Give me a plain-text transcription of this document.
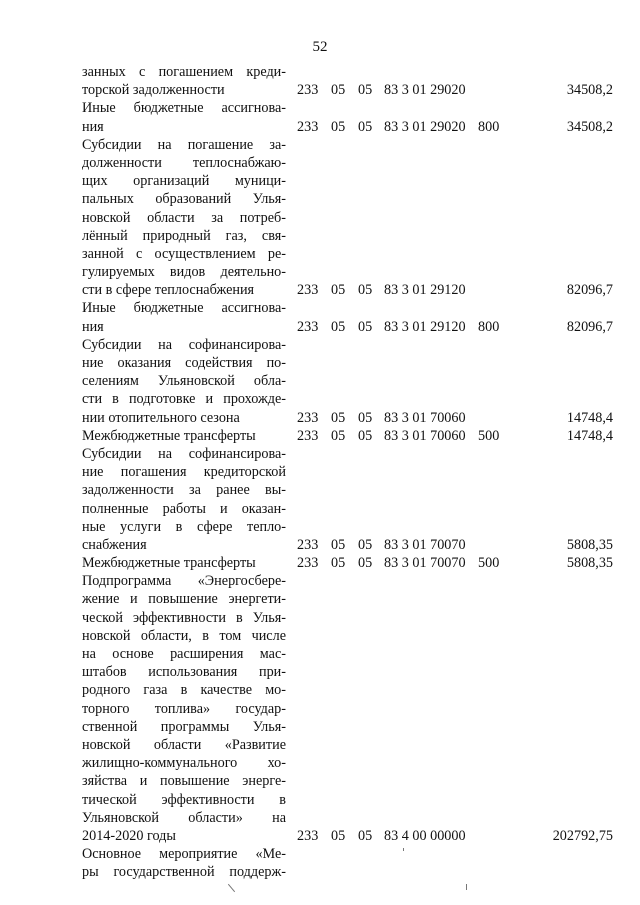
52
занных с погашением креди-
торской задолженности	233 05 05 83 3 01 29020	34508,2
Иные бюджетные ассигнова-
ния	233 05 05 83 3 01 29020 800	34508,2
Субсидии на погашение за-
долженности теплоснабжаю-
щих организаций муници-
пальных образований Улья-
новской области за потреб-
лённый природный газ, свя-
занной с осуществлением ре-
гулируемых видов деятельно-
сти в сфере теплоснабжения	233 05 05 83 3 01 29120	82096,7
Иные бюджетные ассигнова-
ния	233 05 05 83 3 01 29120 800	82096,7
Субсидии на софинансирова-
ние оказания содействия по-
селениям Ульяновской обла-
сти в подготовке и прохожде-
нии отопительного сезона	233 05 05 83 3 01 70060	14748,4
Межбюджетные трансферты	233 05 05 83 3 01 70060 500	14748,4
Субсидии на софинансирова-
ние погашения кредиторской
задолженности за ранее вы-
полненные работы и оказан-
ные услуги в сфере тепло-
снабжения	233 05 05 83 3 01 70070	5808,35
Межбюджетные трансферты	233 05 05 83 3 01 70070 500	5808,35
Подпрограмма «Энергосбере-
жение и повышение энергети-
ческой эффективности в Улья-
новской области, в том числе
на основе расширения мас-
штабов использования при-
родного газа в качестве мо-
торного топлива» государ-
ственной программы Улья-
новской области «Развитие
жилищно-коммунального хо-
зяйства и повышение энерге-
тической эффективности в
Ульяновской области» на
2014-2020 годы	233 05 05 83 4 00 00000	202792,75
Основное мероприятие «Ме-
ры государственной поддерж-
